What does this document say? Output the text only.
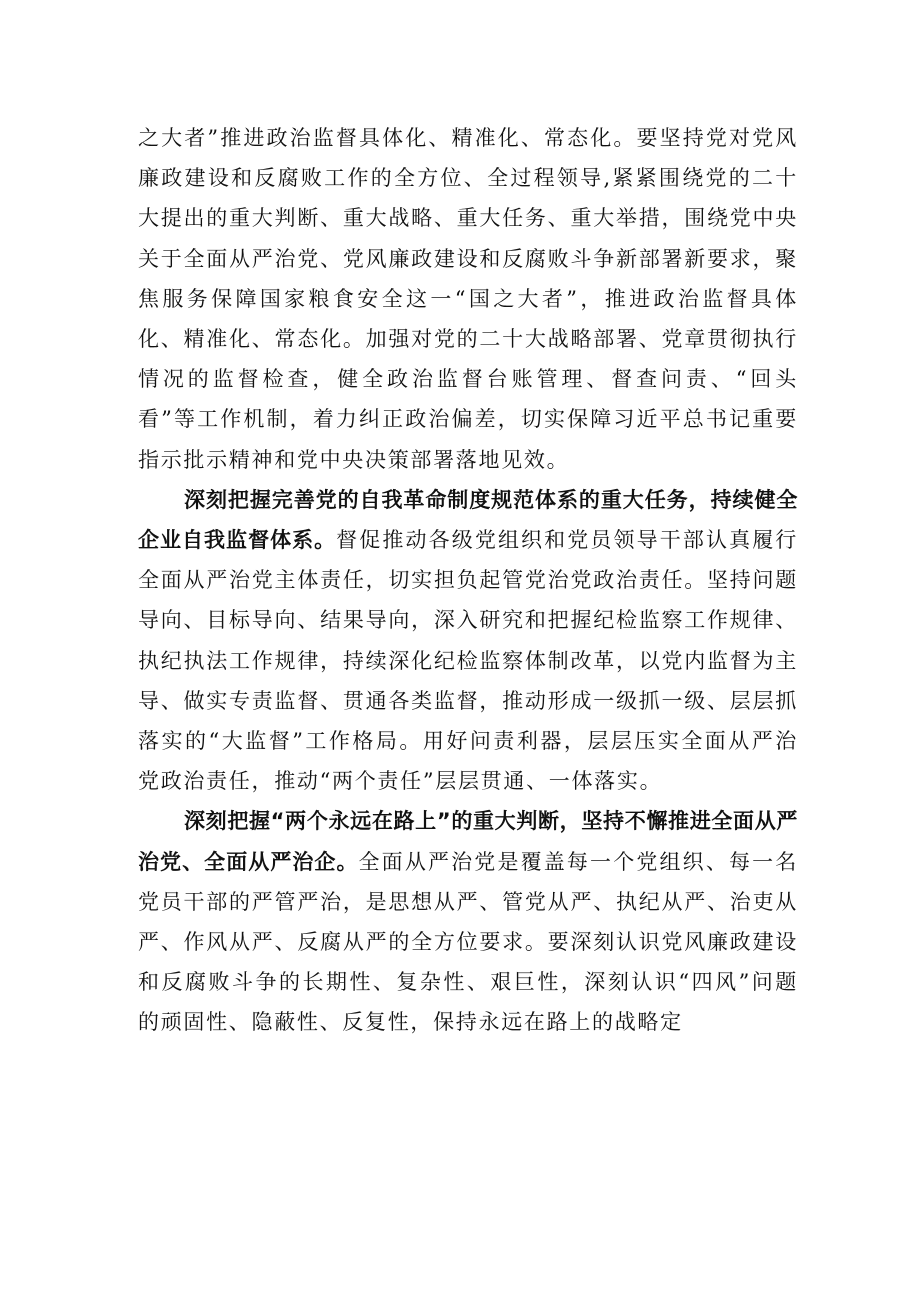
之大者”推进政治监督具体化、精准化、常态化。要坚持党对党风廉政建设和反腐败工作的全方位、全过程领导,紧紧围绕党的二十大提出的重大判断、重大战略、重大任务、重大举措，围绕党中央关于全面从严治党、党风廉政建设和反腐败斗争新部署新要求，聚焦服务保障国家粮食安全这一“国之大者”，推进政治监督具体化、精准化、常态化。加强对党的二十大战略部署、党章贯彻执行情况的监督检查，健全政治监督台账管理、督查问责、“回头看”等工作机制，着力纠正政治偏差，切实保障习近平总书记重要指示批示精神和党中央决策部署落地见效。

深刻把握完善党的自我革命制度规范体系的重大任务，持续健全企业自我监督体系。督促推动各级党组织和党员领导干部认真履行全面从严治党主体责任，切实担负起管党治党政治责任。坚持问题导向、目标导向、结果导向，深入研究和把握纪检监察工作规律、执纪执法工作规律，持续深化纪检监察体制改革，以党内监督为主导、做实专责监督、贯通各类监督，推动形成一级抓一级、层层抓落实的“大监督”工作格局。用好问责利器，层层压实全面从严治党政治责任，推动“两个责任”层层贯通、一体落实。

深刻把握“两个永远在路上”的重大判断，坚持不懈推进全面从严治党、全面从严治企。全面从严治党是覆盖每一个党组织、每一名党员干部的严管严治，是思想从严、管党从严、执纪从严、治吏从严、作风从严、反腐从严的全方位要求。要深刻认识党风廉政建设和反腐败斗争的长期性、复杂性、艰巨性，深刻认识“四风”问题的顽固性、隐蔽性、反复性，保持永远在路上的战略定
